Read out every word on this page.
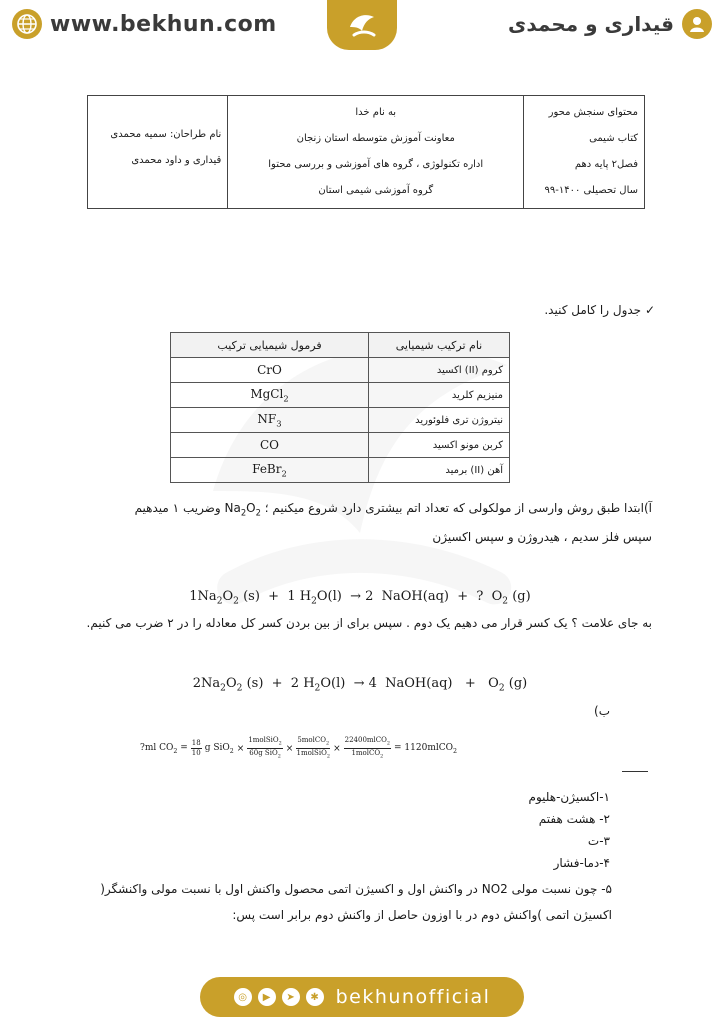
www.bekhun.com	قیداری و محمدی
محتوای سنجش محور
کتاب شیمی
فصل۲ پایه دهم
سال تحصیلی ۱۴۰۰-۹۹

به نام خدا
معاونت آموزش متوسطه استان زنجان
اداره تکنولوژی ، گروه های آموزشی و بررسی محتوا
گروه آموزشی شیمی استان

نام طراحان: سمیه محمدی
قیداری و داود محمدی
✓ جدول را کامل کنید.
نام ترکیب شیمیایی	فرمول شیمیایی ترکیب
کروم (II) اکسید	CrO
منیزیم کلرید	MgCl$_2$
نیتروژن تری فلوئورید	$NF_3$
کربن مونو اکسید	CO
آهن (II) برمید	FeBr$_2$
آ)ابتدا طبق روش وارسی از مولکولی که تعداد اتم بیشتری دارد شروع میکنیم ؛ $Na_2O_2$ وضریب ۱ میدهیم
سپس فلز سدیم ، هیدروژن و سپس اکسیژن
$1Na_2O_2$ (s)  +  1 $H_2O(l) \to 2$  NaOH(aq)  +  ?  $O_2$ (g)
به جای علامت ؟ یک کسر قرار می دهیم یک دوم . سپس برای از بین بردن کسر کل معادله را در ۲ ضرب می کنیم.
$2Na_2O_2$ (s)  +  2 $H_2O(l) \to 4$  NaOH(aq)   +   $O_2$ (g)
ب)
?ml $CO_2 = \frac{18}{10}$ g $SiO_2 \times \frac{1molSiO_2}{60g SiO_2} \times \frac{5molCO_2}{1molSiO_2} \times \frac{22400mlCO_2}{1molCO_2}$ = 1120mlCO$_2$
۱-اکسیژن-هلیوم
۲- هشت هفتم
۳-ت
۴-دما-فشار
۵- چون نسبت مولی NO2 در واکنش اول و اکسیژن اتمی محصول واکنش اول با نسبت مولی واکنشگر( اکسیژن اتمی )واکنش دوم در با اوزون حاصل از واکنش دوم برابر است پس:
◎	▶	➤	✱ bekhunofficial
